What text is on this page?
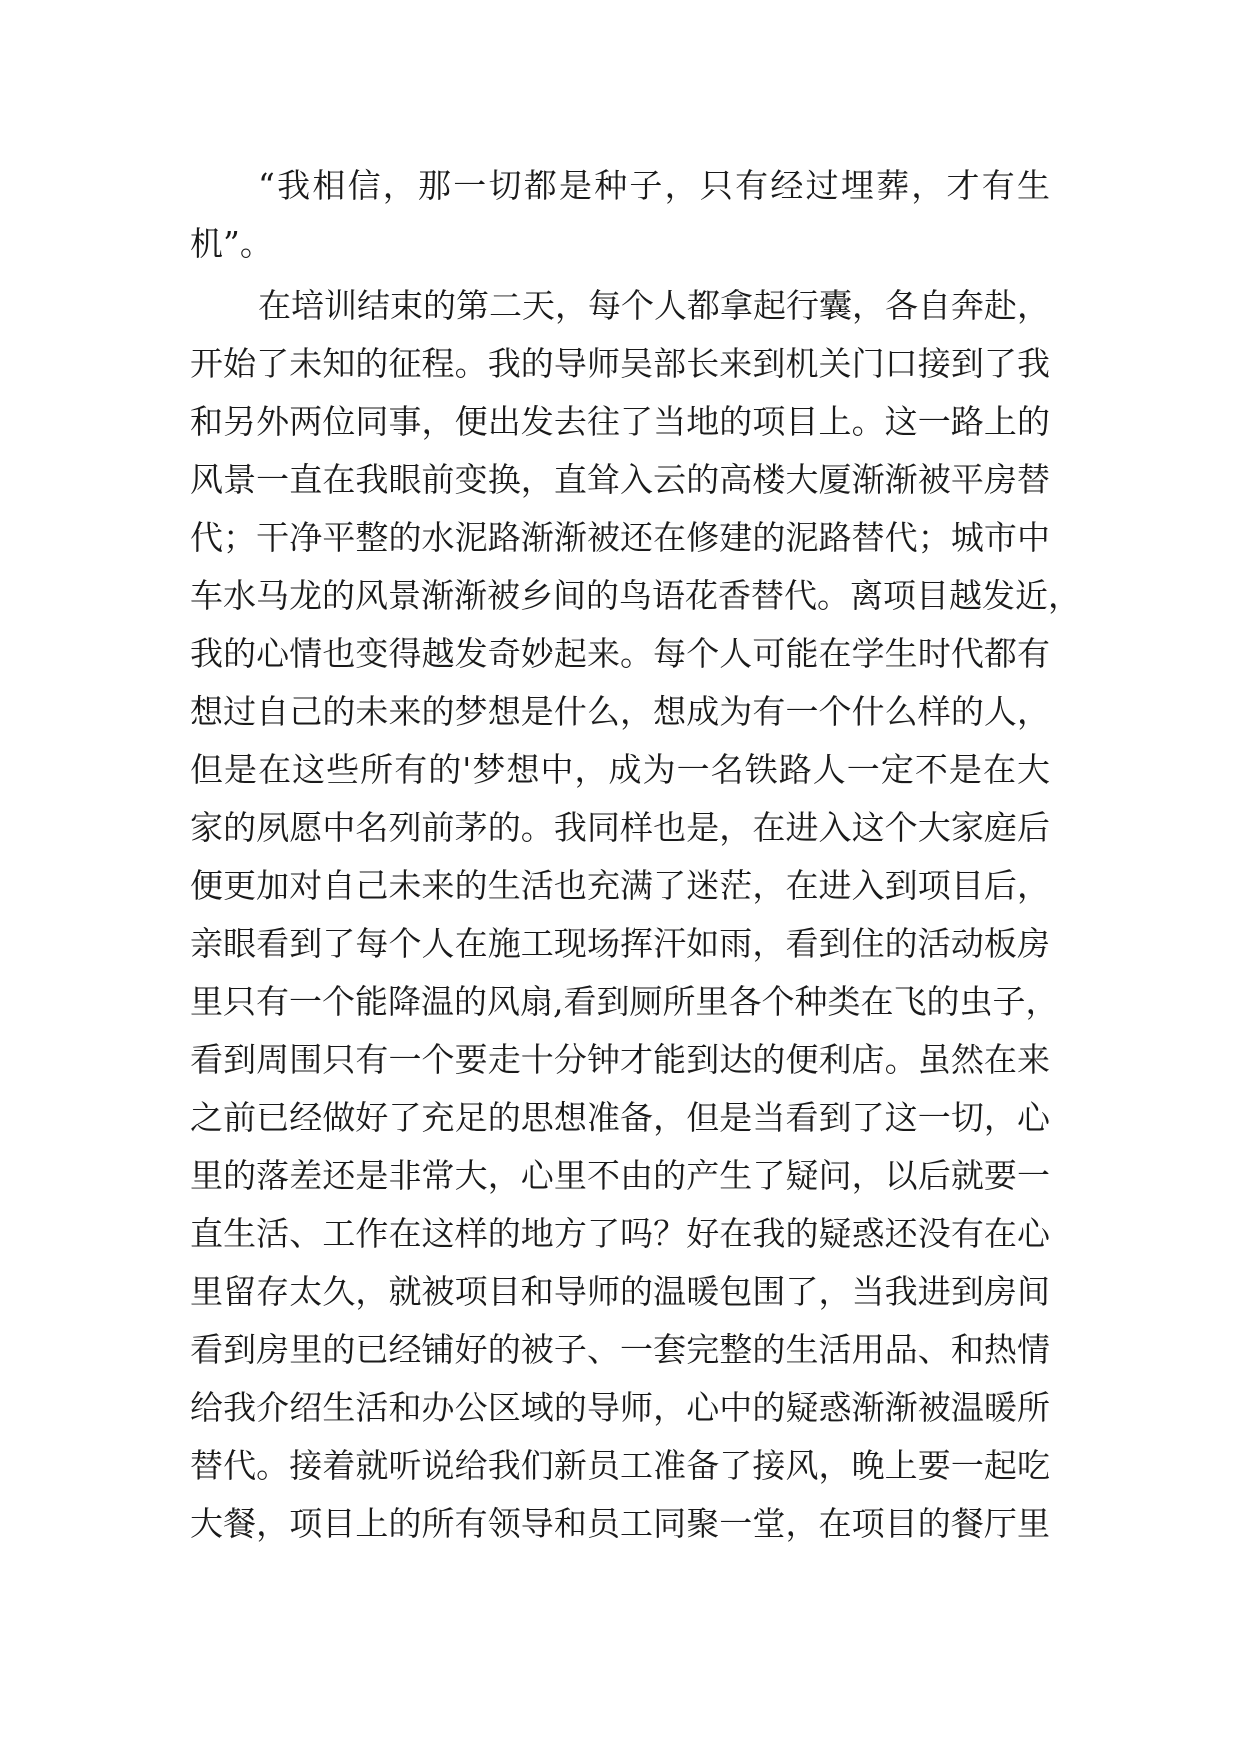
“我相信，那一切都是种子，只有经过埋葬，才有生
机”。
在培训结束的第二天，每个人都拿起行囊，各自奔赴，
开始了未知的征程。我的导师吴部长来到机关门口接到了我
和另外两位同事，便出发去往了当地的项目上。这一路上的
风景一直在我眼前变换，直耸入云的高楼大厦渐渐被平房替
代；干净平整的水泥路渐渐被还在修建的泥路替代；城市中
车水马龙的风景渐渐被乡间的鸟语花香替代。离项目越发近，
我的心情也变得越发奇妙起来。每个人可能在学生时代都有
想过自己的未来的梦想是什么，想成为有一个什么样的人，
但是在这些所有的'梦想中，成为一名铁路人一定不是在大
家的夙愿中名列前茅的。我同样也是，在进入这个大家庭后
便更加对自己未来的生活也充满了迷茫，在进入到项目后，
亲眼看到了每个人在施工现场挥汗如雨，看到住的活动板房
里只有一个能降温的风扇,看到厕所里各个种类在飞的虫子，
看到周围只有一个要走十分钟才能到达的便利店。虽然在来
之前已经做好了充足的思想准备，但是当看到了这一切，心
里的落差还是非常大，心里不由的产生了疑问，以后就要一
直生活、工作在这样的地方了吗？好在我的疑惑还没有在心
里留存太久，就被项目和导师的温暖包围了，当我进到房间
看到房里的已经铺好的被子、一套完整的生活用品、和热情
给我介绍生活和办公区域的导师，心中的疑惑渐渐被温暖所
替代。接着就听说给我们新员工准备了接风，晚上要一起吃
大餐，项目上的所有领导和员工同聚一堂，在项目的餐厅里
